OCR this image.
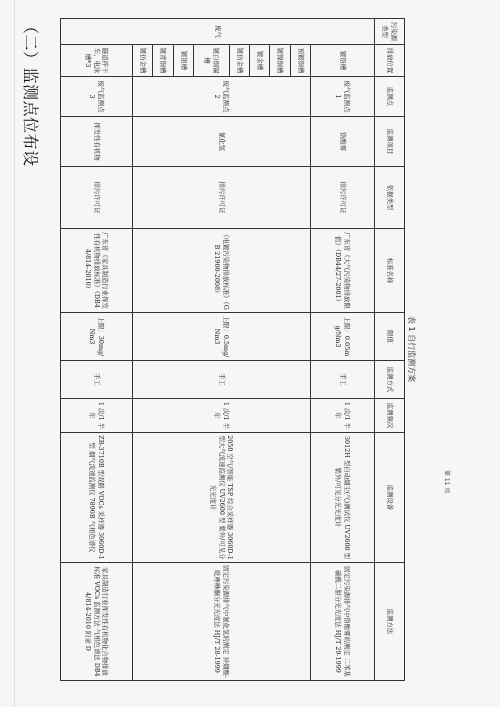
表 1 自行监测方案
污染源类型	排放位置	监测点	监测项目	依据类型	标准名称	限值	监测方式	监测频次	监测设备	监测方法
废气	镀铬槽	废气监测点 1	铬酸雾	排污许可证	广东省《大气污染物排放限值》（DB44/27-2001）	上限：0.05mg/Nm3	手工	1 次/1 半年	3012H 型自动烟尘(气)测试仪 UV2600 型紫外/可见分光光度计	固定污染源排气中铬酸雾的测定 二苯基碳酰二肼分光光度法 HJ/T 29-1999
	预镀铜槽	废气监测点 2	氰化氢	排污许可证	《电镀污染物排放标准》（GB 21900-2008）	上限：0.5mg/Nm3	手工	1 次/1 半年	2050 空气/智能 TSP 综合采样器 3060D-1 型大气流速监测仪 UV2600 型 紫外/可见分光光度计	固定污染源排气中氰化氢的测定 异烟酸-吡唑啉酮分光光度法 HJ/T 28-1999
	镀镍铜槽									
	镀金槽									
	镀仿金槽									
	镀白铜锡槽									
	镀银槽									
	镀青铜槽									
	镀仿金槽									
	隧道拌干车、电泳槽*3	废气监测点 3	挥发性有机物	排污许可证	广东省《家具制造行业挥发性有机物排放标准》（DB44/814-2010）	上限：30mg/Nm3	手工	1 次/1 半年	ZR-3710B 型双路 VOCs 采样器 3060D-1 型 烟气流速监测仪 7890B 气相色谱仪	家具制造行业挥发性有机物化合物排放标准 VOCs 监测方法 气相色谱法 DB44/814-2010 附录 D
（二）监测点位布设
第 11 页
